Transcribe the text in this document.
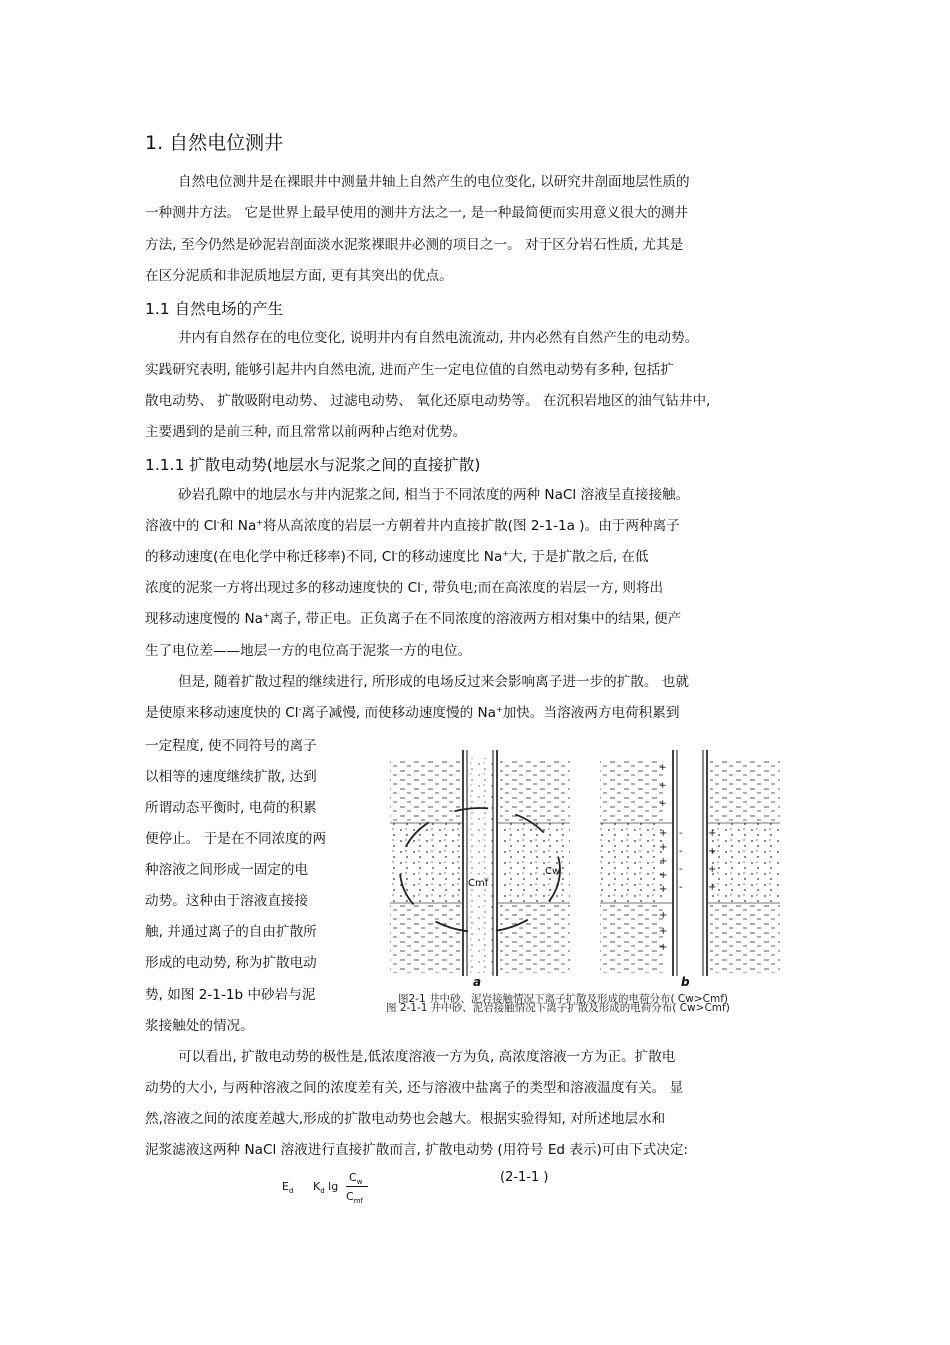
1. 自然电位测井
自然电位测井是在裸眼井中测量井轴上自然产生的电位变化, 以研究井剖面地层性质的
一种测井方法。 它是世界上最早使用的测井方法之一, 是一种最简便而实用意义很大的测井
方法, 至今仍然是砂泥岩剖面淡水泥浆裸眼井必测的项目之一。 对于区分岩石性质, 尤其是
在区分泥质和非泥质地层方面, 更有其突出的优点。
1.1 自然电场的产生
井内有自然存在的电位变化, 说明井内有自然电流流动, 井内必然有自然产生的电动势。
实践研究表明, 能够引起井内自然电流, 进而产生一定电位值的自然电动势有多种, 包括扩
散电动势、 扩散吸附电动势、 过滤电动势、 氧化还原电动势等。 在沉积岩地区的油气钻井中,
主要遇到的是前三种, 而且常常以前两种占绝对优势。
1.1.1 扩散电动势(地层水与泥浆之间的直接扩散)
砂岩孔隙中的地层水与井内泥浆之间, 相当于不同浓度的两种 NaCl 溶液呈直接接触。
溶液中的 Cl-和 Na+将从高浓度的岩层一方朝着井内直接扩散(图 2-1-1a )。由于两种离子
的移动速度(在电化学中称迁移率)不同, Cl-的移动速度比 Na+大, 于是扩散之后, 在低
浓度的泥浆一方将出现过多的移动速度快的 Cl-, 带负电;而在高浓度的岩层一方, 则将出
现移动速度慢的 Na+离子, 带正电。正负离子在不同浓度的溶液两方相对集中的结果, 便产
生了电位差——地层一方的电位高于泥浆一方的电位。
但是, 随着扩散过程的继续进行, 所形成的电场反过来会影响离子进一步的扩散。 也就
是使原来移动速度快的 Cl-离子减慢, 而使移动速度慢的 Na+加快。当溶液两方电荷积累到
一定程度, 使不同符号的离子
以相等的速度继续扩散, 达到
所谓动态平衡时, 电荷的积累
便停止。 于是在不同浓度的两
种溶液之间形成一固定的电
动势。这种由于溶液直接接
触, 并通过离子的自由扩散所
形成的电动势, 称为扩散电动
势, 如图 2-1-1b 中砂岩与泥
浆接触处的情况。
+
+
+
+
+
+
+
+
+
+
+
-
-
-
-
+
+
+
+
Cmf
Cw
a	b
图2-1 井中砂、泥岩接触情况下离子扩散及形成的电荷分布( Cw>Cmf)
图 2-1-1 井中砂、泥岩接触情况下离子扩散及形成的电荷分布( Cw>Cmf)
可以看出, 扩散电动势的极性是,低浓度溶液一方为负, 高浓度溶液一方为正。扩散电
动势的大小, 与两种溶液之间的浓度差有关, 还与溶液中盐离子的类型和溶液温度有关。 显
然,溶液之间的浓度差越大,形成的扩散电动势也会越大。根据实验得知, 对所述地层水和
泥浆滤液这两种 NaCl 溶液进行直接扩散而言, 扩散电动势 (用符号 Ed 表示)可由下式决定:
$E_d$ $K_d$ lg
$C_w$
$C_{mf}$
(2-1-1 )
